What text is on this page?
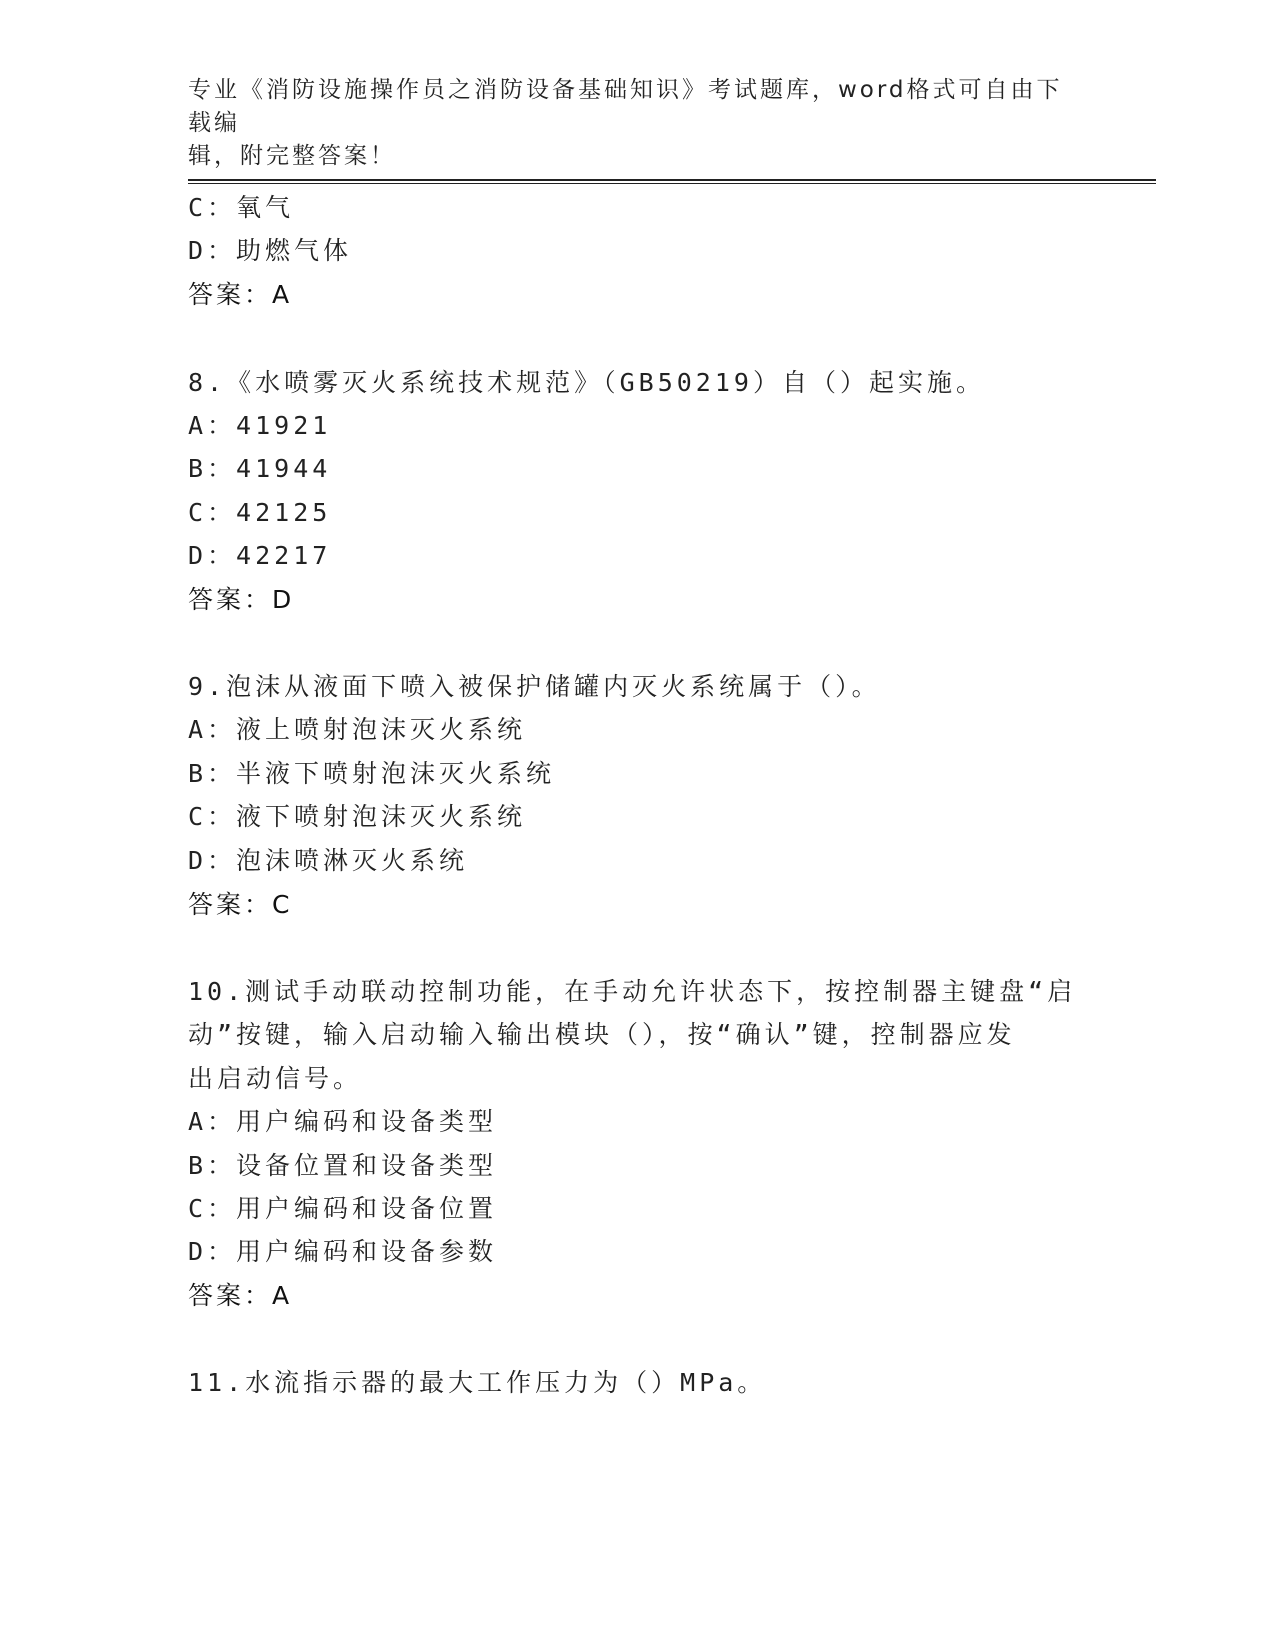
专业《消防设施操作员之消防设备基础知识》考试题库，word格式可自由下载编
辑，附完整答案！
C：氧气
D：助燃气体
答案：A
8.《水喷雾灭火系统技术规范》（GB50219）自（）起实施。
A：41921
B：41944
C：42125
D：42217
答案：D
9.泡沫从液面下喷入被保护储罐内灭火系统属于（）。
A：液上喷射泡沫灭火系统
B：半液下喷射泡沫灭火系统
C：液下喷射泡沫灭火系统
D：泡沫喷淋灭火系统
答案：C
10.测试手动联动控制功能，在手动允许状态下，按控制器主键盘“启
动”按键，输入启动输入输出模块（），按“确认”键，控制器应发
出启动信号。
A：用户编码和设备类型
B：设备位置和设备类型
C：用户编码和设备位置
D：用户编码和设备参数
答案：A
11.水流指示器的最大工作压力为（）MPa。
